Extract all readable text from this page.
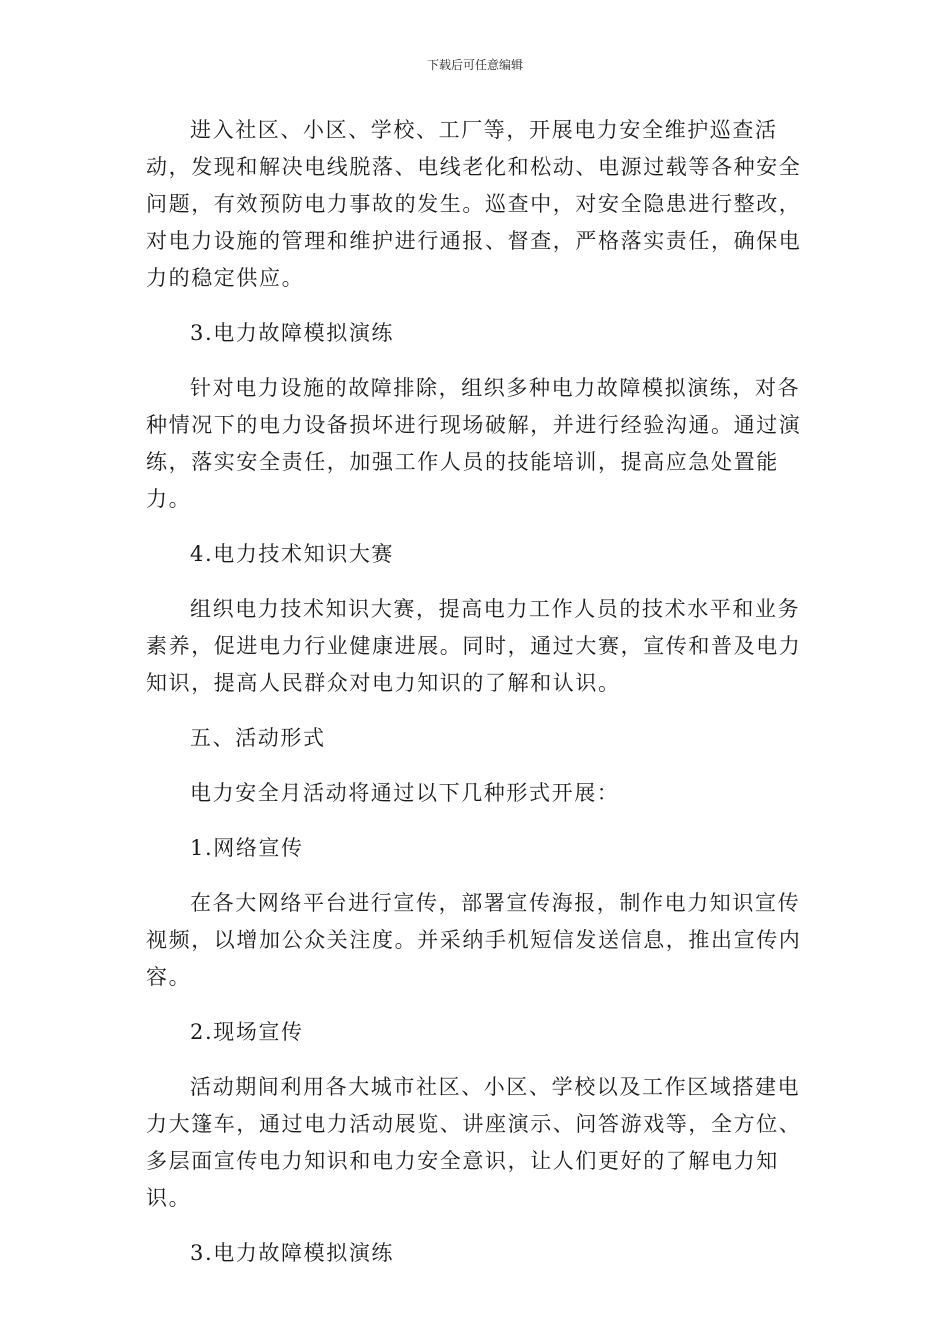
下载后可任意编辑

进入社区、小区、学校、工厂等，开展电力安全维护巡查活动，发现和解决电线脱落、电线老化和松动、电源过载等各种安全问题，有效预防电力事故的发生。巡查中，对安全隐患进行整改，对电力设施的管理和维护进行通报、督查，严格落实责任，确保电力的稳定供应。

3.电力故障模拟演练

针对电力设施的故障排除，组织多种电力故障模拟演练，对各种情况下的电力设备损坏进行现场破解，并进行经验沟通。通过演练，落实安全责任，加强工作人员的技能培训，提高应急处置能力。

4.电力技术知识大赛

组织电力技术知识大赛，提高电力工作人员的技术水平和业务素养，促进电力行业健康进展。同时，通过大赛，宣传和普及电力知识，提高人民群众对电力知识的了解和认识。

五、活动形式

电力安全月活动将通过以下几种形式开展：

1.网络宣传

在各大网络平台进行宣传，部署宣传海报，制作电力知识宣传视频，以增加公众关注度。并采纳手机短信发送信息，推出宣传内容。

2.现场宣传

活动期间利用各大城市社区、小区、学校以及工作区域搭建电力大篷车，通过电力活动展览、讲座演示、问答游戏等，全方位、多层面宣传电力知识和电力安全意识，让人们更好的了解电力知识。

3.电力故障模拟演练
